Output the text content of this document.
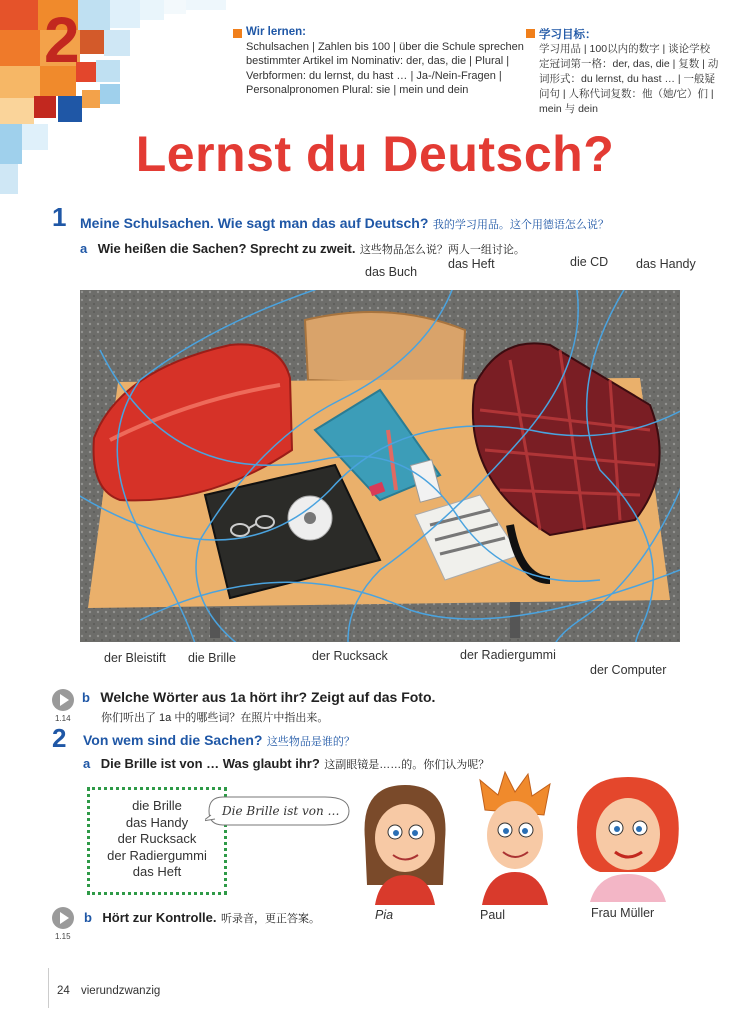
2	Wir lernen:
Schulsachen | Zahlen bis 100 | über die Schule sprechen
bestimmter Artikel im Nominativ: der, das, die | Plural |
Verbformen: du lernst, du hast … | Ja-/Nein-Fragen |
Personalpronomen Plural: sie | mein und dein
学习目标：
学习用品 | 100以内的数字 | 谈论学校
定冠词第一格：der, das, die | 复数 | 动
词形式：du lernst, du hast … | 一般疑
问句 | 人称代词复数：他（她/它）们 |
mein 与 dein
Lernst du Deutsch?
1 Meine Schulsachen. Wie sagt man das auf Deutsch? 我的学习用品。这个用德语怎么说？
a Wie heißen die Sachen? Sprecht zu zweit. 这些物品怎么说？两人一组讨论。
das Buch
das Heft	die CD das Handy
der Bleistift die Brille	der Rucksack	der Radiergummi
der Computer
1.14
b Welche Wörter aus 1a hört ihr? Zeigt auf das Foto.
你们听出了 1a 中的哪些词？在照片中指出来。
2 Von wem sind die Sachen? 这些物品是谁的？
a Die Brille ist von … Was glaubt ihr? 这副眼镜是……的。你们认为呢？
die Brille
das Handy
der Rucksack
der Radiergummi
das Heft
Die Brille ist von …
Pia	Paul	Frau Müller
1.15
b Hört zur Kontrolle. 听录音，更正答案。
24 vierundzwanzig
